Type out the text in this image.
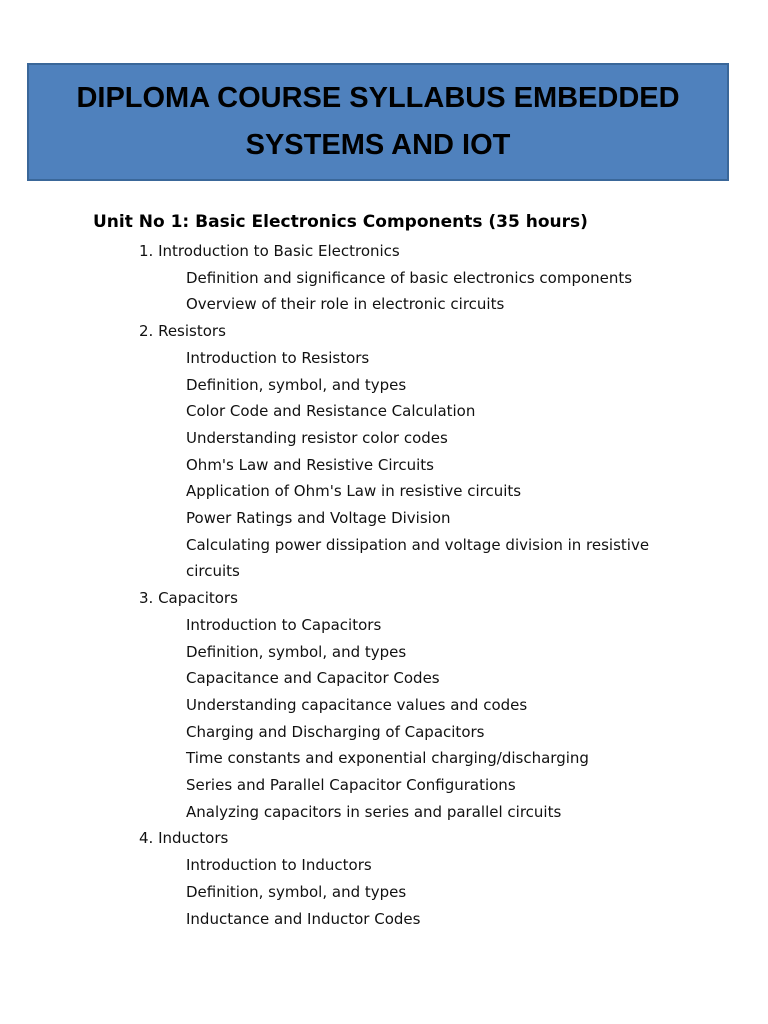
DIPLOMA COURSE SYLLABUS EMBEDDED SYSTEMS AND IOT
Unit No 1: Basic Electronics Components (35 hours)
1. Introduction to Basic Electronics
Definition and significance of basic electronics components
Overview of their role in electronic circuits
2. Resistors
Introduction to Resistors
Definition, symbol, and types
Color Code and Resistance Calculation
Understanding resistor color codes
Ohm's Law and Resistive Circuits
Application of Ohm's Law in resistive circuits
Power Ratings and Voltage Division
Calculating power dissipation and voltage division in resistive circuits
3. Capacitors
Introduction to Capacitors
Definition, symbol, and types
Capacitance and Capacitor Codes
Understanding capacitance values and codes
Charging and Discharging of Capacitors
Time constants and exponential charging/discharging
Series and Parallel Capacitor Configurations
Analyzing capacitors in series and parallel circuits
4. Inductors
Introduction to Inductors
Definition, symbol, and types
Inductance and Inductor Codes
